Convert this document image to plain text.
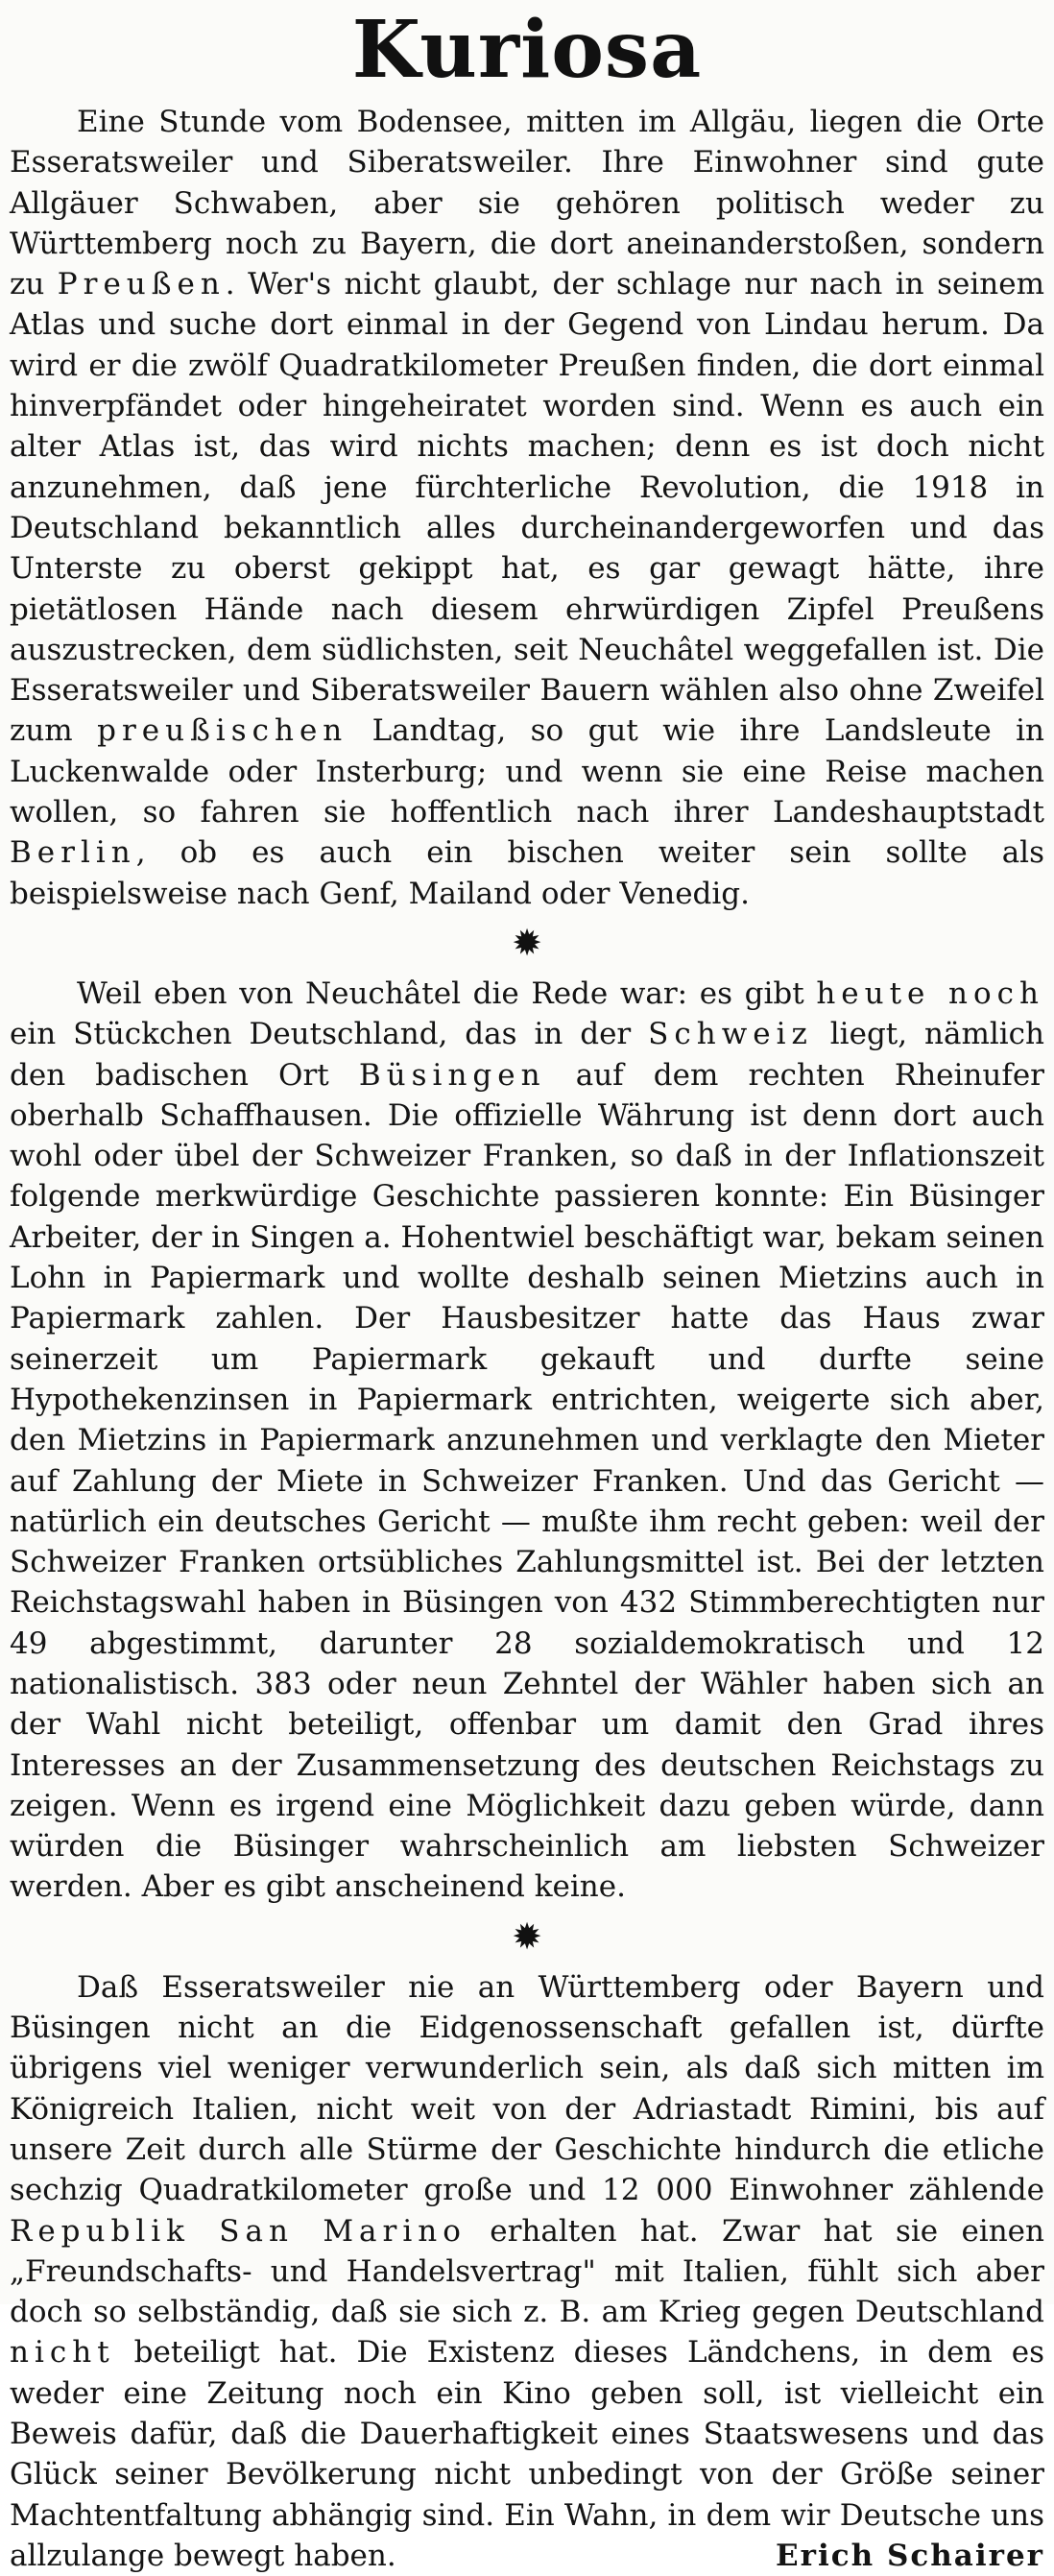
Kuriosa

Eine Stunde vom Bodensee, mitten im Allgäu, liegen die Orte Esseratsweiler und Siberatsweiler. Ihre Einwohner sind gute Allgäuer Schwaben, aber sie gehören politisch weder zu Württemberg noch zu Bayern, die dort aneinanderstoßen, sondern zu Preußen. Wer's nicht glaubt, der schlage nur nach in seinem Atlas und suche dort einmal in der Gegend von Lindau herum. Da wird er die zwölf Quadratkilometer Preußen finden, die dort einmal hinverpfändet oder hingeheiratet worden sind. Wenn es auch ein alter Atlas ist, das wird nichts machen; denn es ist doch nicht anzunehmen, daß jene fürchterliche Revolution, die 1918 in Deutschland bekanntlich alles durcheinandergeworfen und das Unterste zu oberst gekippt hat, es gar gewagt hätte, ihre pietätlosen Hände nach diesem ehrwürdigen Zipfel Preußens auszustrecken, dem südlichsten, seit Neuchâtel weggefallen ist. Die Esseratsweiler und Siberatsweiler Bauern wählen also ohne Zweifel zum preußischen Landtag, so gut wie ihre Landsleute in Luckenwalde oder Insterburg; und wenn sie eine Reise machen wollen, so fahren sie hoffentlich nach ihrer Landeshauptstadt Berlin, ob es auch ein bischen weiter sein sollte als beispielsweise nach Genf, Mailand oder Venedig.

✹

Weil eben von Neuchâtel die Rede war: es gibt heute noch ein Stückchen Deutschland, das in der Schweiz liegt, nämlich den badischen Ort Büsingen auf dem rechten Rheinufer oberhalb Schaffhausen. Die offizielle Währung ist denn dort auch wohl oder übel der Schweizer Franken, so daß in der Inflationszeit folgende merkwürdige Geschichte passieren konnte: Ein Büsinger Arbeiter, der in Singen a. Hohentwiel beschäftigt war, bekam seinen Lohn in Papiermark und wollte deshalb seinen Mietzins auch in Papiermark zahlen. Der Hausbesitzer hatte das Haus zwar seinerzeit um Papiermark gekauft und durfte seine Hypothekenzinsen in Papiermark entrichten, weigerte sich aber, den Mietzins in Papiermark anzunehmen und verklagte den Mieter auf Zahlung der Miete in Schweizer Franken. Und das Gericht — natürlich ein deutsches Gericht — mußte ihm recht geben: weil der Schweizer Franken ortsübliches Zahlungsmittel ist. Bei der letzten Reichstagswahl haben in Büsingen von 432 Stimmberechtigten nur 49 abgestimmt, darunter 28 sozialdemokratisch und 12 nationalistisch. 383 oder neun Zehntel der Wähler haben sich an der Wahl nicht beteiligt, offenbar um damit den Grad ihres Interesses an der Zusammensetzung des deutschen Reichstags zu zeigen. Wenn es irgend eine Möglichkeit dazu geben würde, dann würden die Büsinger wahrscheinlich am liebsten Schweizer werden. Aber es gibt anscheinend keine.

✹

Daß Esseratsweiler nie an Württemberg oder Bayern und Büsingen nicht an die Eidgenossenschaft gefallen ist, dürfte übrigens viel weniger verwunderlich sein, als daß sich mitten im Königreich Italien, nicht weit von der Adriastadt Rimini, bis auf unsere Zeit durch alle Stürme der Geschichte hindurch die etliche sechzig Quadratkilometer große und 12 000 Einwohner zählende Republik San Marino erhalten hat. Zwar hat sie einen „Freundschafts- und Handelsvertrag" mit Italien, fühlt sich aber doch so selbständig, daß sie sich z. B. am Krieg gegen Deutschland nicht beteiligt hat. Die Existenz dieses Ländchens, in dem es weder eine Zeitung noch ein Kino geben soll, ist vielleicht ein Beweis dafür, daß die Dauerhaftigkeit eines Staatswesens und das Glück seiner Bevölkerung nicht unbedingt von der Größe seiner Machtentfaltung abhängig sind. Ein Wahn, in dem wir Deutsche uns allzulange bewegt haben.	Erich Schairer
